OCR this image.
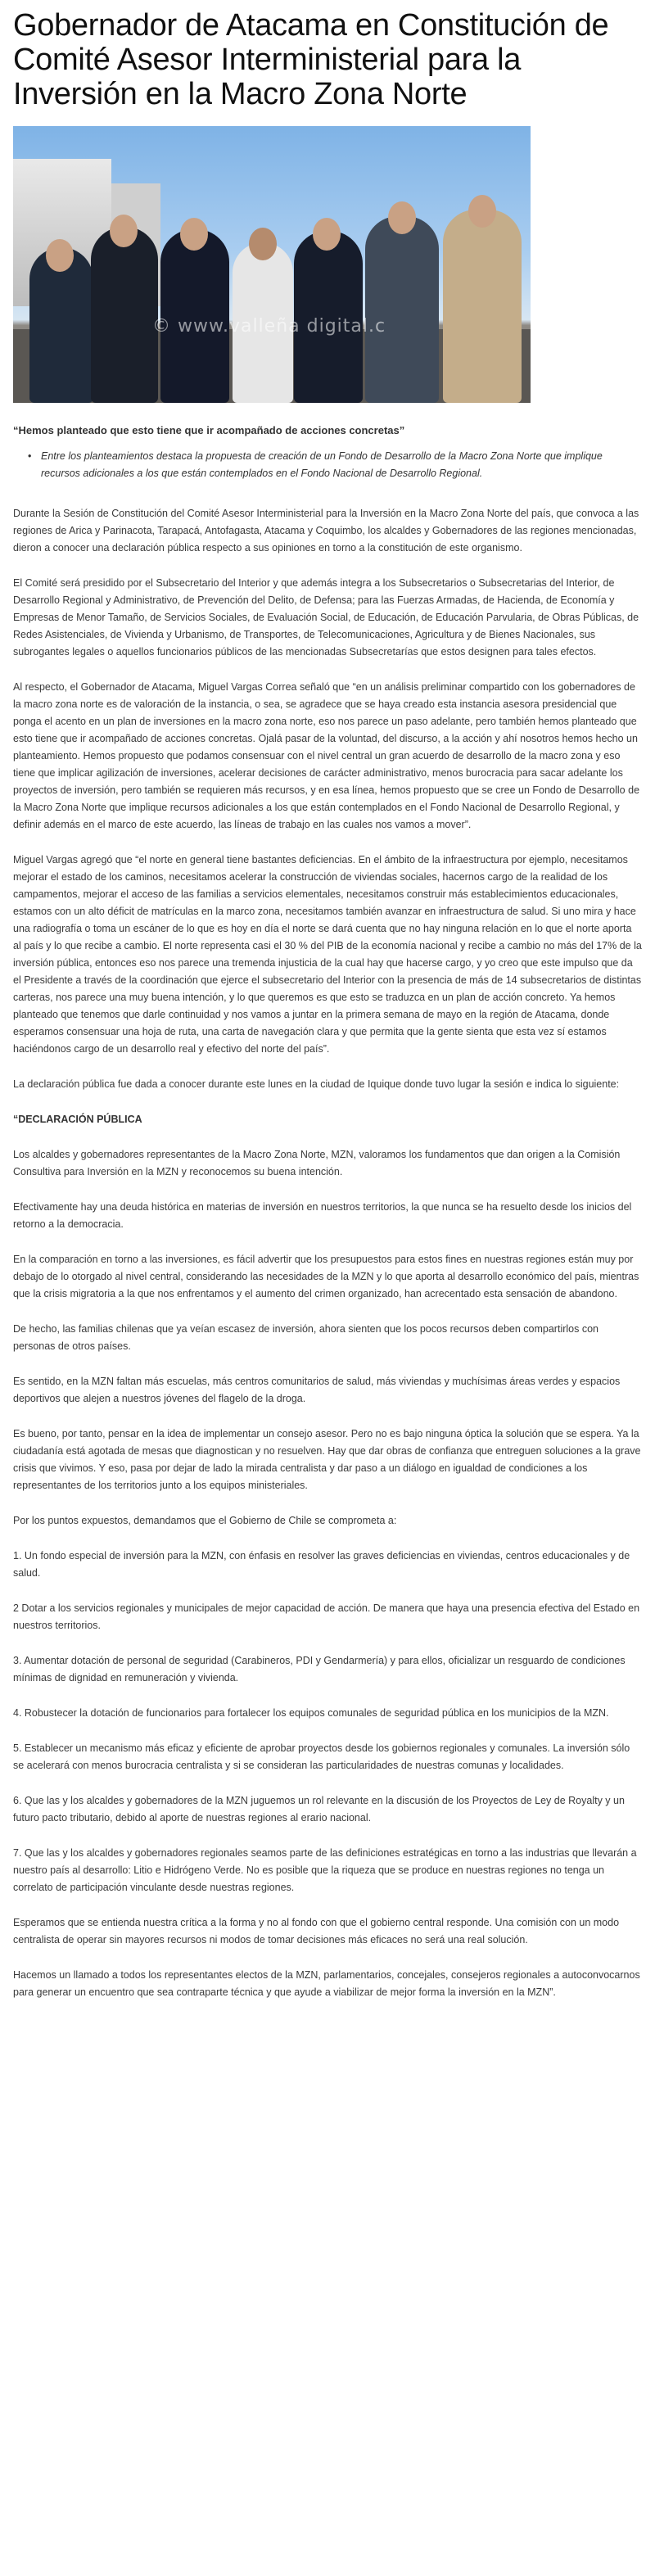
Gobernador de Atacama en Constitución de Comité Asesor Interministerial para la Inversión en la Macro Zona Norte
© www.valleña digital.c
“Hemos planteado que esto tiene que ir acompañado de acciones concretas”
• Entre los planteamientos destaca la propuesta de creación de un Fondo de Desarrollo de la Macro Zona Norte que implique recursos adicionales a los que están contemplados en el Fondo Nacional de Desarrollo Regional.

Durante la Sesión de Constitución del Comité Asesor Interministerial para la Inversión en la Macro Zona Norte del país, que convoca a las regiones de Arica y Parinacota, Tarapacá, Antofagasta, Atacama y Coquimbo, los alcaldes y Gobernadores de las regiones mencionadas, dieron a conocer una declaración pública respecto a sus opiniones en torno a la constitución de este organismo.

El Comité será presidido por el Subsecretario del Interior y que además integra a los Subsecretarios o Subsecretarias del Interior, de Desarrollo Regional y Administrativo, de Prevención del Delito, de Defensa; para las Fuerzas Armadas, de Hacienda, de Economía y Empresas de Menor Tamaño, de Servicios Sociales, de Evaluación Social, de Educación, de Educación Parvularia, de Obras Públicas, de Redes Asistenciales, de Vivienda y Urbanismo, de Transportes, de Telecomunicaciones, Agricultura y de Bienes Nacionales, sus subrogantes legales o aquellos funcionarios públicos de las mencionadas Subsecretarías que estos designen para tales efectos.

Al respecto, el Gobernador de Atacama, Miguel Vargas Correa señaló que “en un análisis preliminar compartido con los gobernadores de la macro zona norte es de valoración de la instancia, o sea, se agradece que se haya creado esta instancia asesora presidencial que ponga el acento en un plan de inversiones en la macro zona norte, eso nos parece un paso adelante, pero también hemos planteado que esto tiene que ir acompañado de acciones concretas. Ojalá pasar de la voluntad, del discurso, a la acción y ahí nosotros hemos hecho un planteamiento. Hemos propuesto que podamos consensuar con el nivel central un gran acuerdo de desarrollo de la macro zona y eso tiene que implicar agilización de inversiones, acelerar decisiones de carácter administrativo, menos burocracia para sacar adelante los proyectos de inversión, pero también se requieren más recursos, y en esa línea, hemos propuesto que se cree un Fondo de Desarrollo de la Macro Zona Norte que implique recursos adicionales a los que están contemplados en el Fondo Nacional de Desarrollo Regional, y definir además en el marco de este acuerdo, las líneas de trabajo en las cuales nos vamos a mover”.

Miguel Vargas agregó que “el norte en general tiene bastantes deficiencias. En el ámbito de la infraestructura por ejemplo, necesitamos mejorar el estado de los caminos, necesitamos acelerar la construcción de viviendas sociales, hacernos cargo de la realidad de los campamentos, mejorar el acceso de las familias a servicios elementales, necesitamos construir más establecimientos educacionales, estamos con un alto déficit de matrículas en la marco zona, necesitamos también avanzar en infraestructura de salud. Si uno mira y hace una radiografía o toma un escáner de lo que es hoy en día el norte se dará cuenta que no hay ninguna relación en lo que el norte aporta al país y lo que recibe a cambio. El norte representa casi el 30 % del PIB de la economía nacional y recibe a cambio no más del 17% de la inversión pública, entonces eso nos parece una tremenda injusticia de la cual hay que hacerse cargo, y yo creo que este impulso que da el Presidente a través de la coordinación que ejerce el subsecretario del Interior con la presencia de más de 14 subsecretarios de distintas carteras, nos parece una muy buena intención, y lo que queremos es que esto se traduzca en un plan de acción concreto. Ya hemos planteado que tenemos que darle continuidad y nos vamos a juntar en la primera semana de mayo en la región de Atacama, donde esperamos consensuar una hoja de ruta, una carta de navegación clara y que permita que la gente sienta que esta vez sí estamos haciéndonos cargo de un desarrollo real y efectivo del norte del país”.

La declaración pública fue dada a conocer durante este lunes en la ciudad de Iquique donde tuvo lugar la sesión e indica lo siguiente:

“DECLARACIÓN PÚBLICA

Los alcaldes y gobernadores representantes de la Macro Zona Norte, MZN, valoramos los fundamentos que dan origen a la Comisión Consultiva para Inversión en la MZN y reconocemos su buena intención.

Efectivamente hay una deuda histórica en materias de inversión en nuestros territorios, la que nunca se ha resuelto desde los inicios del retorno a la democracia.

En la comparación en torno a las inversiones, es fácil advertir que los presupuestos para estos fines en nuestras regiones están muy por debajo de lo otorgado al nivel central, considerando las necesidades de la MZN y lo que aporta al desarrollo económico del país, mientras que la crisis migratoria a la que nos enfrentamos y el aumento del crimen organizado, han acrecentado esta sensación de abandono.

De hecho, las familias chilenas que ya veían escasez de inversión, ahora sienten que los pocos recursos deben compartirlos con personas de otros países.

Es sentido, en la MZN faltan más escuelas, más centros comunitarios de salud, más viviendas y muchísimas áreas verdes y espacios deportivos que alejen a nuestros jóvenes del flagelo de la droga.

Es bueno, por tanto, pensar en la idea de implementar un consejo asesor. Pero no es bajo ninguna óptica la solución que se espera. Ya la ciudadanía está agotada de mesas que diagnostican y no resuelven. Hay que dar obras de confianza que entreguen soluciones a la grave crisis que vivimos. Y eso, pasa por dejar de lado la mirada centralista y dar paso a un diálogo en igualdad de condiciones a los representantes de los territorios junto a los equipos ministeriales.

Por los puntos expuestos, demandamos que el Gobierno de Chile se comprometa a:

1. Un fondo especial de inversión para la MZN, con énfasis en resolver las graves deficiencias en viviendas, centros educacionales y de salud.

2 Dotar a los servicios regionales y municipales de mejor capacidad de acción. De manera que haya una presencia efectiva del Estado en nuestros territorios.

3. Aumentar dotación de personal de seguridad (Carabineros, PDI y Gendarmería) y para ellos, oficializar un resguardo de condiciones mínimas de dignidad en remuneración y vivienda.

4. Robustecer la dotación de funcionarios para fortalecer los equipos comunales de seguridad pública en los municipios de la MZN.

5. Establecer un mecanismo más eficaz y eficiente de aprobar proyectos desde los gobiernos regionales y comunales. La inversión sólo se acelerará con menos burocracia centralista y si se consideran las particularidades de nuestras comunas y localidades.

6. Que las y los alcaldes y gobernadores de la MZN juguemos un rol relevante en la discusión de los Proyectos de Ley de Royalty y un futuro pacto tributario, debido al aporte de nuestras regiones al erario nacional.

7. Que las y los alcaldes y gobernadores regionales seamos parte de las definiciones estratégicas en torno a las industrias que llevarán a nuestro país al desarrollo: Litio e Hidrógeno Verde. No es posible que la riqueza que se produce en nuestras regiones no tenga un correlato de participación vinculante desde nuestras regiones.

Esperamos que se entienda nuestra crítica a la forma y no al fondo con que el gobierno central responde. Una comisión con un modo centralista de operar sin mayores recursos ni modos de tomar decisiones más eficaces no será una real solución.

Hacemos un llamado a todos los representantes electos de la MZN, parlamentarios, concejales, consejeros regionales a autoconvocarnos para generar un encuentro que sea contraparte técnica y que ayude a viabilizar de mejor forma la inversión en la MZN”.
